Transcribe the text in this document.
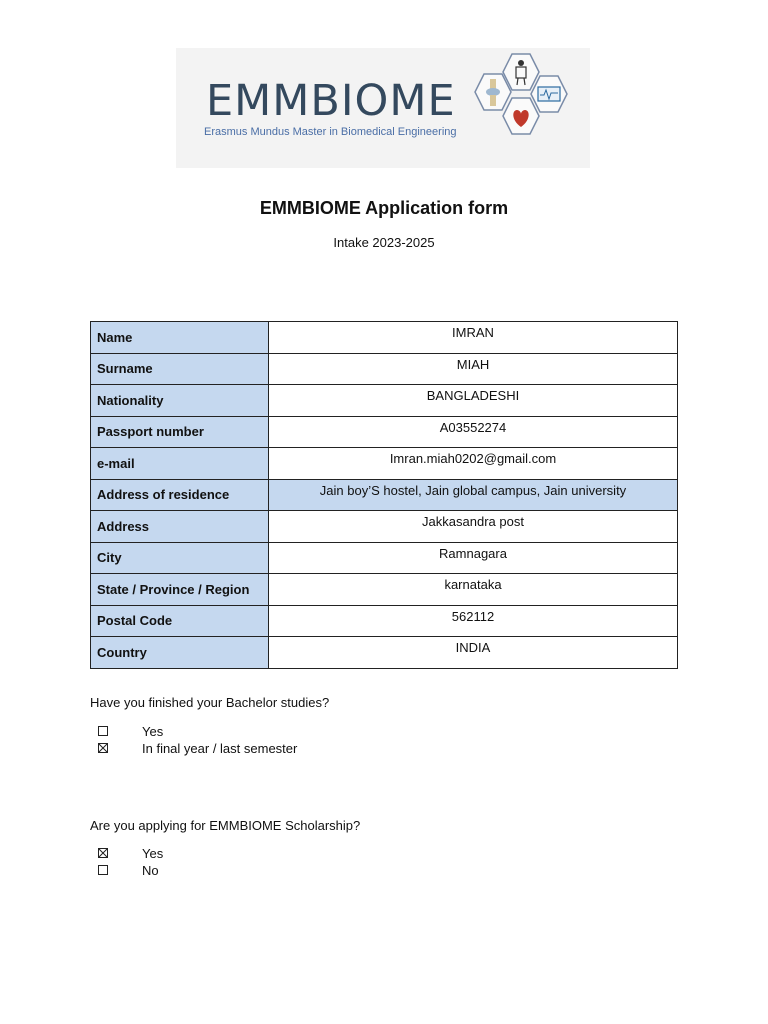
EMMBIOME
Erasmus Mundus Master in Biomedical Engineering
EMMBIOME Application form
Intake 2023-2025
Name	IMRAN
Surname	MIAH
Nationality	BANGLADESHI
Passport number	A03552274
e-mail	Imran.miah0202@gmail.com
Address of residence	Jain boy’S hostel, Jain global campus, Jain university
Address	Jakkasandra post
City	Ramnagara
State / Province / Region	karnataka
Postal Code	562112
Country	INDIA
Have you finished your Bachelor studies?
Yes
In final year / last semester
Are you applying for EMMBIOME Scholarship?
Yes
No
